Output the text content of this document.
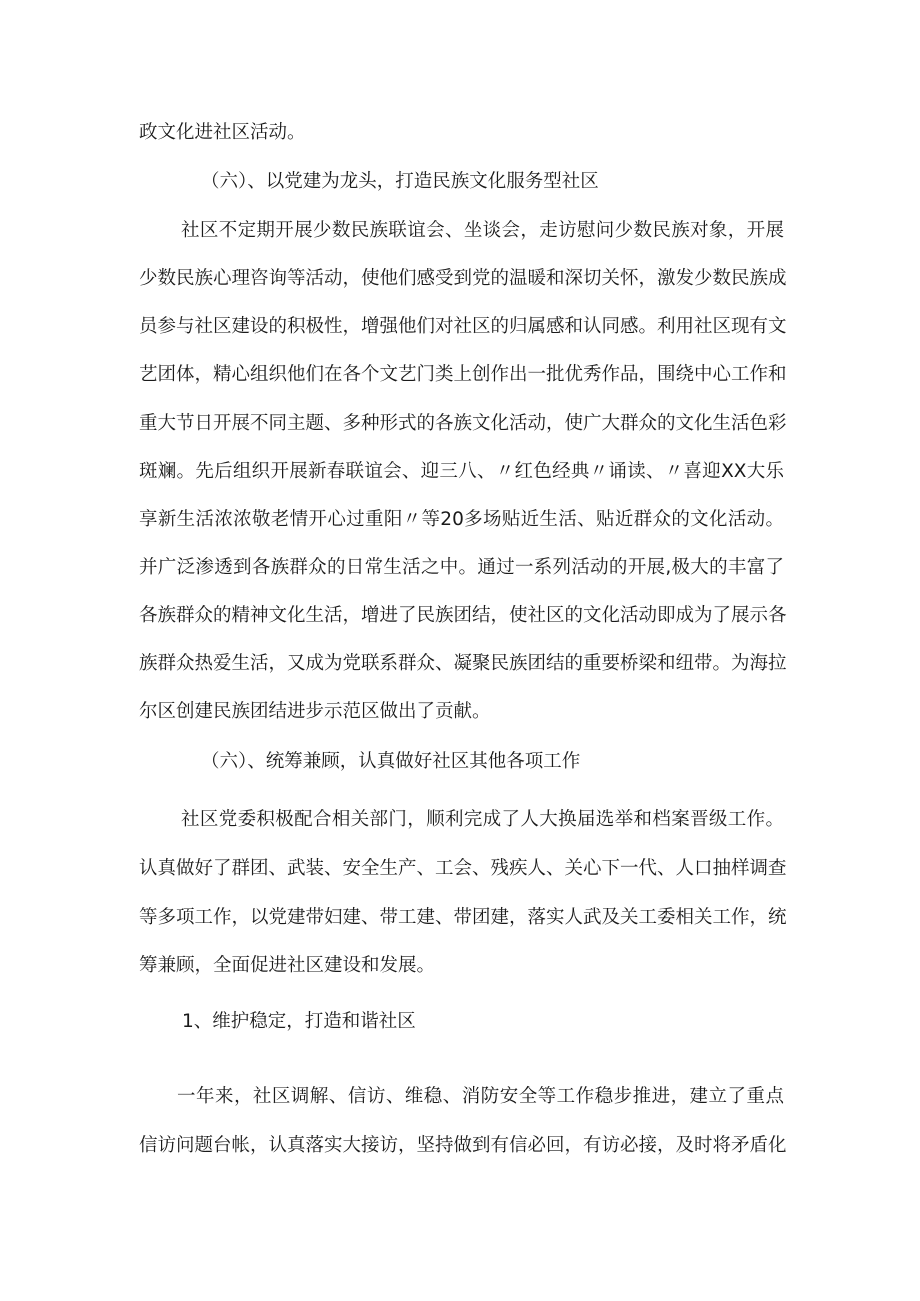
政文化进社区活动。
（六）、以党建为龙头，打造民族文化服务型社区
社区不定期开展少数民族联谊会、坐谈会，走访慰问少数民族对象，开展
少数民族心理咨询等活动，使他们感受到党的温暖和深切关怀，激发少数民族成
员参与社区建设的积极性，增强他们对社区的归属感和认同感。利用社区现有文
艺团体，精心组织他们在各个文艺门类上创作出一批优秀作品，围绕中心工作和
重大节日开展不同主题、多种形式的各族文化活动，使广大群众的文化生活色彩
斑斓。先后组织开展新春联谊会、迎三八、〃红色经典〃诵读、〃喜迎XX大乐
享新生活浓浓敬老情开心过重阳〃等20多场贴近生活、贴近群众的文化活动。
并广泛渗透到各族群众的日常生活之中。通过一系列活动的开展,极大的丰富了
各族群众的精神文化生活，增进了民族团结，使社区的文化活动即成为了展示各
族群众热爱生活，又成为党联系群众、凝聚民族团结的重要桥梁和纽带。为海拉
尔区创建民族团结进步示范区做出了贡献。
（六）、统筹兼顾，认真做好社区其他各项工作
社区党委积极配合相关部门，顺利完成了人大换届选举和档案晋级工作。
认真做好了群团、武装、安全生产、工会、残疾人、关心下一代、人口抽样调查
等多项工作，以党建带妇建、带工建、带团建，落实人武及关工委相关工作，统
筹兼顾，全面促进社区建设和发展。
1、维护稳定，打造和谐社区
一年来，社区调解、信访、维稳、消防安全等工作稳步推进，建立了重点
信访问题台帐，认真落实大接访，坚持做到有信必回，有访必接，及时将矛盾化
